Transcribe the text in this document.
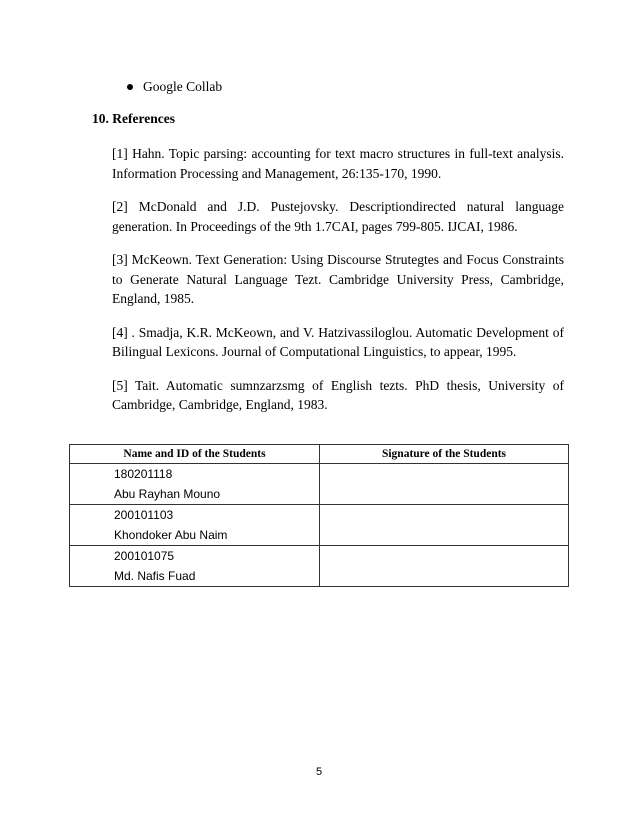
Google Collab
10. References

[1] Hahn. Topic parsing: accounting for text macro structures in full-text analysis. Information Processing and Management, 26:135-170, 1990.

[2] McDonald and J.D. Pustejovsky. Descriptiondirected natural language generation. In Proceedings of the 9th 1.7CAI, pages 799-805. IJCAI, 1986.

[3] McKeown. Text Generation: Using Discourse Strutegtes and Focus Constraints to Generate Natural Language Tezt. Cambridge University Press, Cambridge, England, 1985.

[4] . Smadja, K.R. McKeown, and V. Hatzivassiloglou. Automatic Development of Bilingual Lexicons. Journal of Computational Linguistics, to appear, 1995.

[5] Tait. Automatic sumnzarzsmg of English tezts. PhD thesis, University of Cambridge, Cambridge, England, 1983.

Name and ID of the Students	Signature of the Students

180201118
Abu Rayhan Mouno	

200101103
Khondoker Abu Naim	

200101075
Md. Nafis Fuad	

5
